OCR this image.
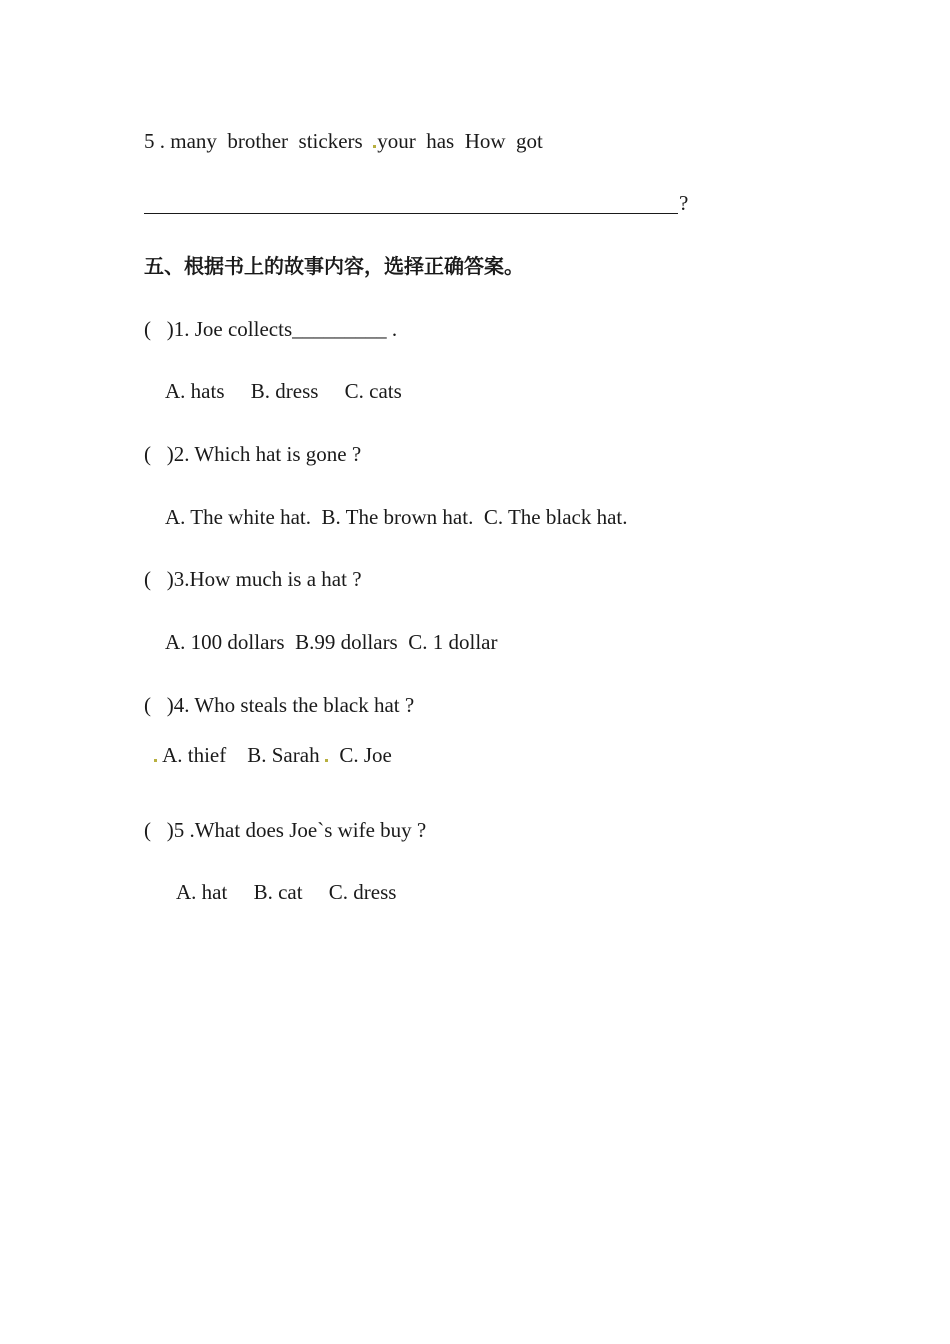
5 . many  brother  stickers your  has  How  got
?
五、根据书上的故事内容，选择正确答案。
(   )1. Joe collects_________ .
A. hats     B. dress     C. cats
(   )2. Which hat is gone ?
A. The white hat.  B. The brown hat.  C. The black hat.
(   )3.How much is a hat ?
A. 100 dollars  B.99 dollars  C. 1 dollar
(   )4. Who steals the black hat ?
A. thief    B. Sarah C. Joe
(   )5 .What does Joe`s wife buy ?
A. hat     B. cat     C. dress
